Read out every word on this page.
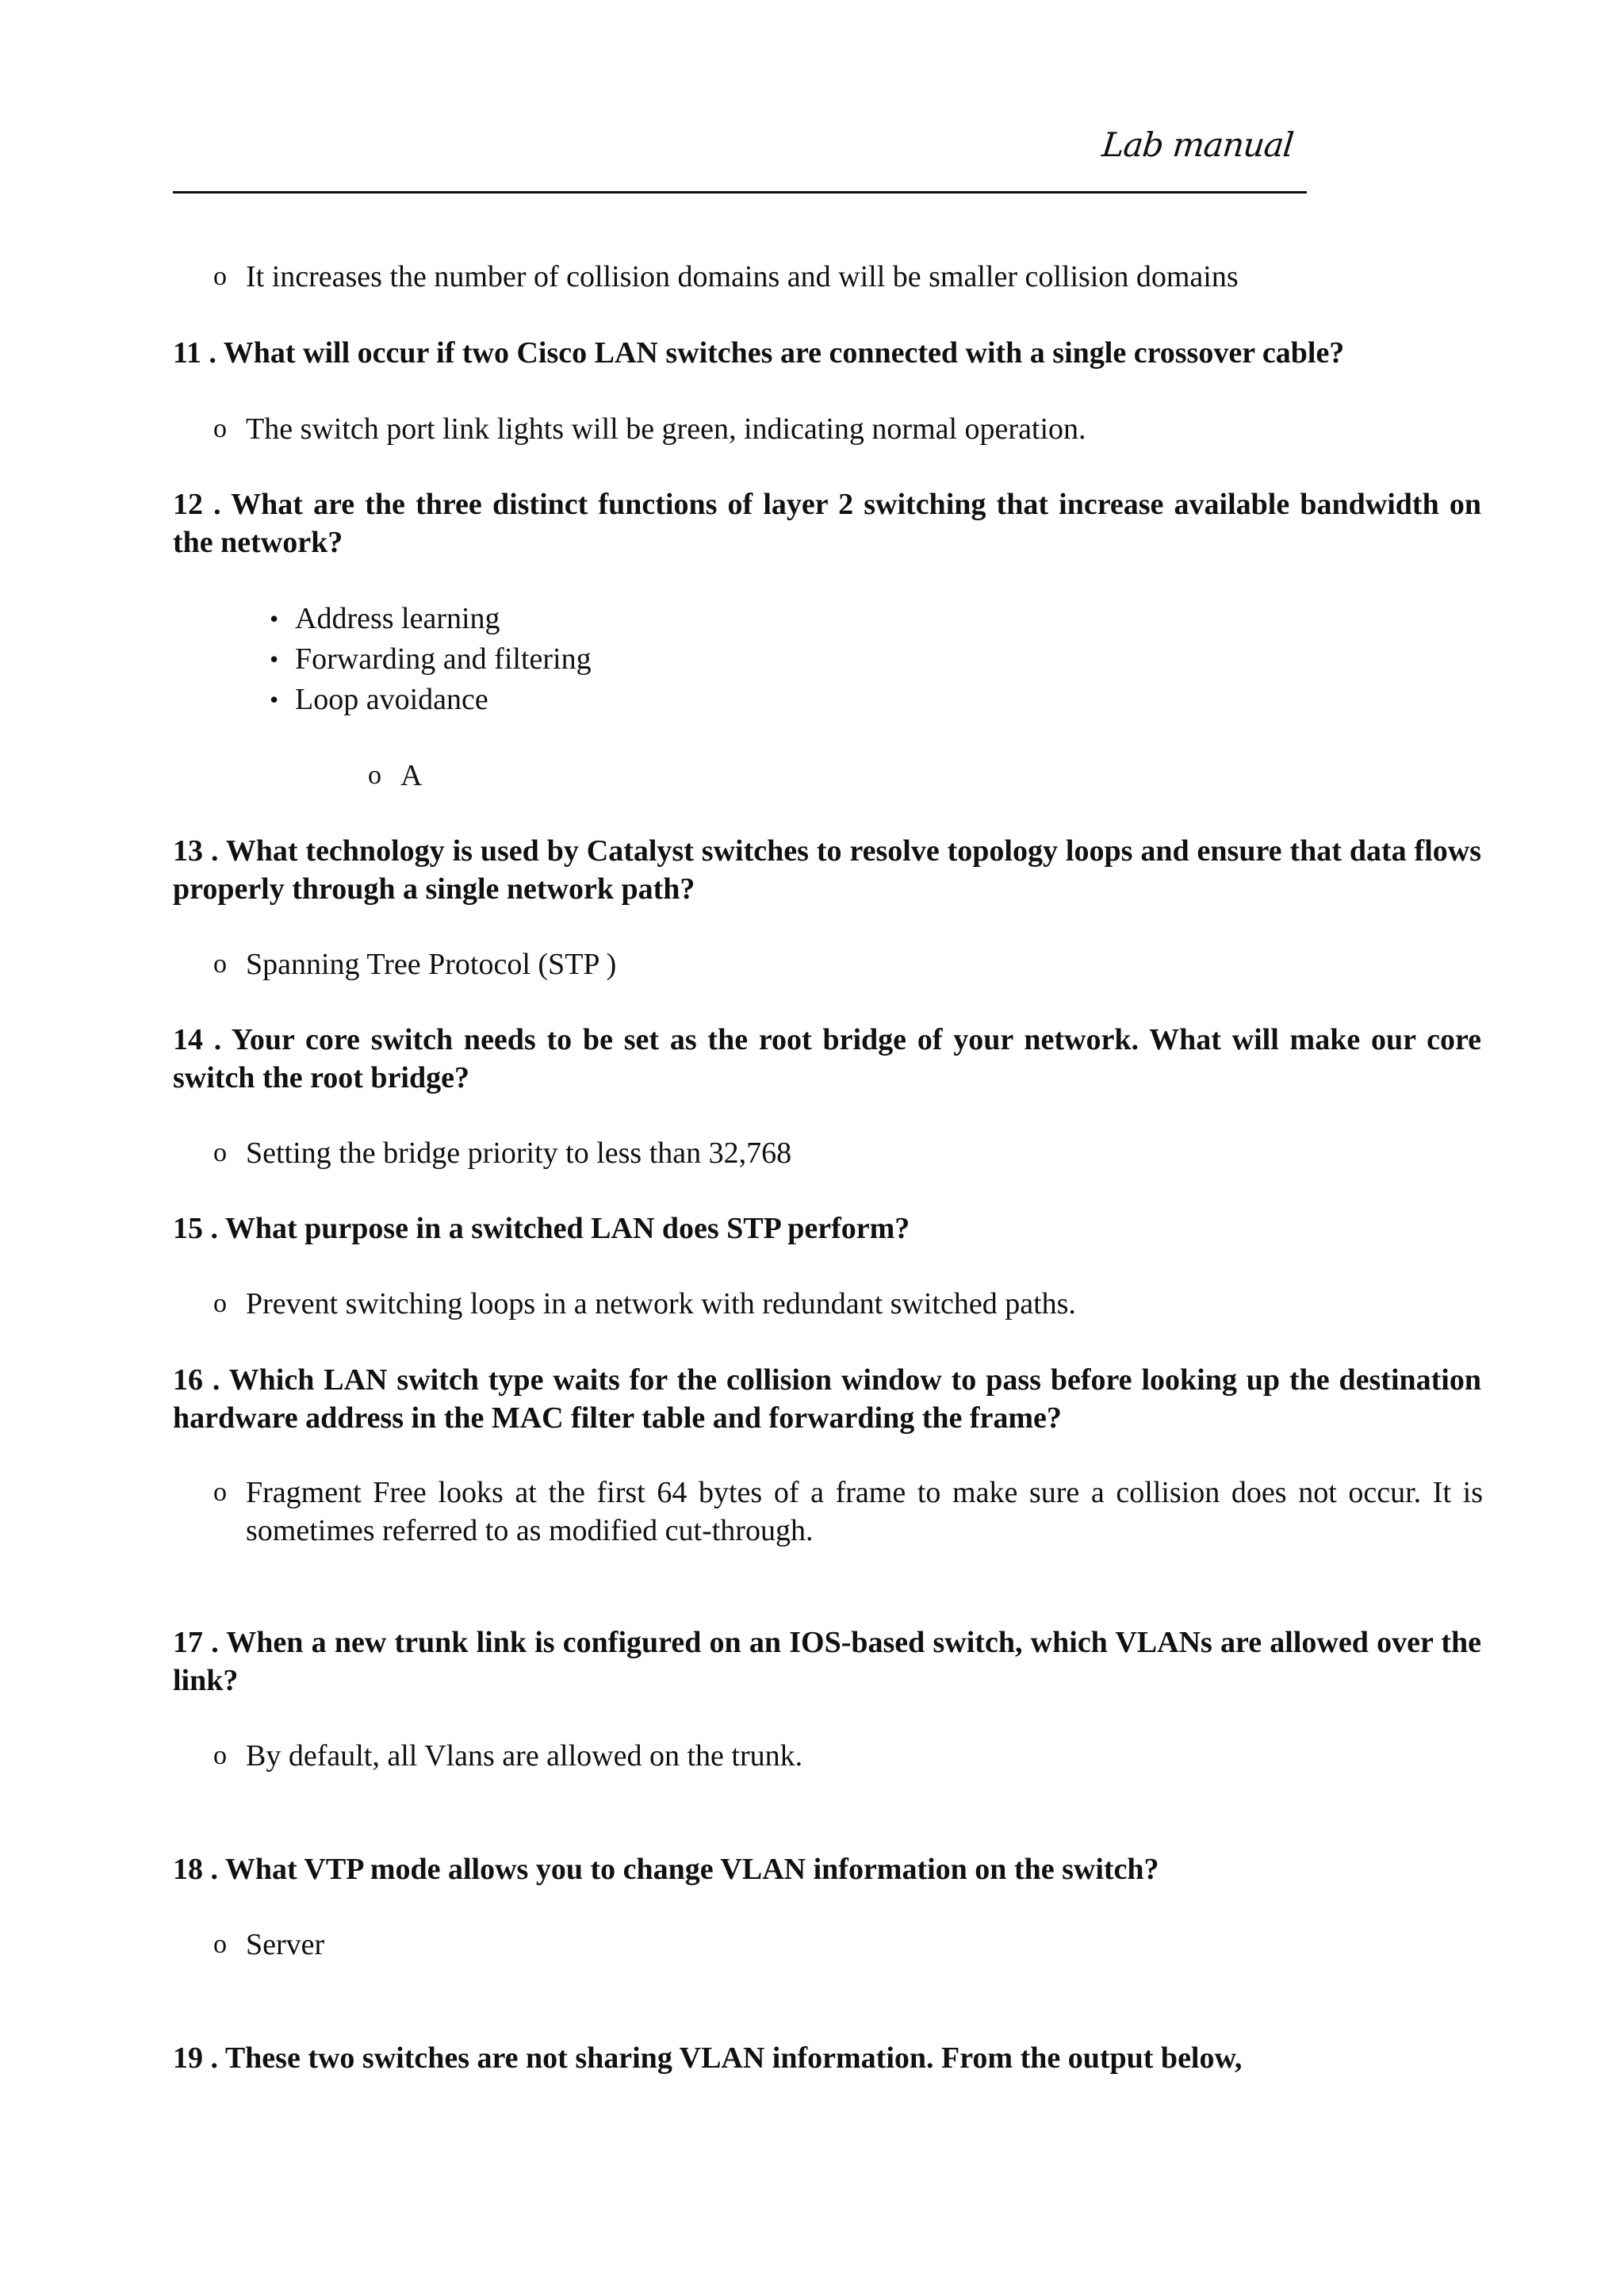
Lab manual
o It increases the number of collision domains and will be smaller collision domains
11 . What will occur if two Cisco LAN switches are connected with a single crossover cable?
o The switch port link lights will be green, indicating normal operation.
12 . What are the three distinct functions of layer 2 switching that increase available bandwidth on the network?
• Address learning
• Forwarding and filtering
• Loop avoidance
o A
13 . What technology is used by Catalyst switches to resolve topology loops and ensure that data flows properly through a single network path?
o Spanning Tree Protocol (STP )
14 . Your core switch needs to be set as the root bridge of your network. What will make our core switch the root bridge?
o Setting the bridge priority to less than 32,768
15 . What purpose in a switched LAN does STP perform?
o Prevent switching loops in a network with redundant switched paths.
16 . Which LAN switch type waits for the collision window to pass before looking up the destination hardware address in the MAC filter table and forwarding the frame?
o Fragment Free looks at the first 64 bytes of a frame to make sure a collision does not occur. It is sometimes referred to as modified cut-through.
17 . When a new trunk link is configured on an IOS-based switch, which VLANs are allowed over the link?
o By default, all Vlans are allowed on the trunk.
18 . What VTP mode allows you to change VLAN information on the switch?
o Server
19 . These two switches are not sharing VLAN information. From the output below,
